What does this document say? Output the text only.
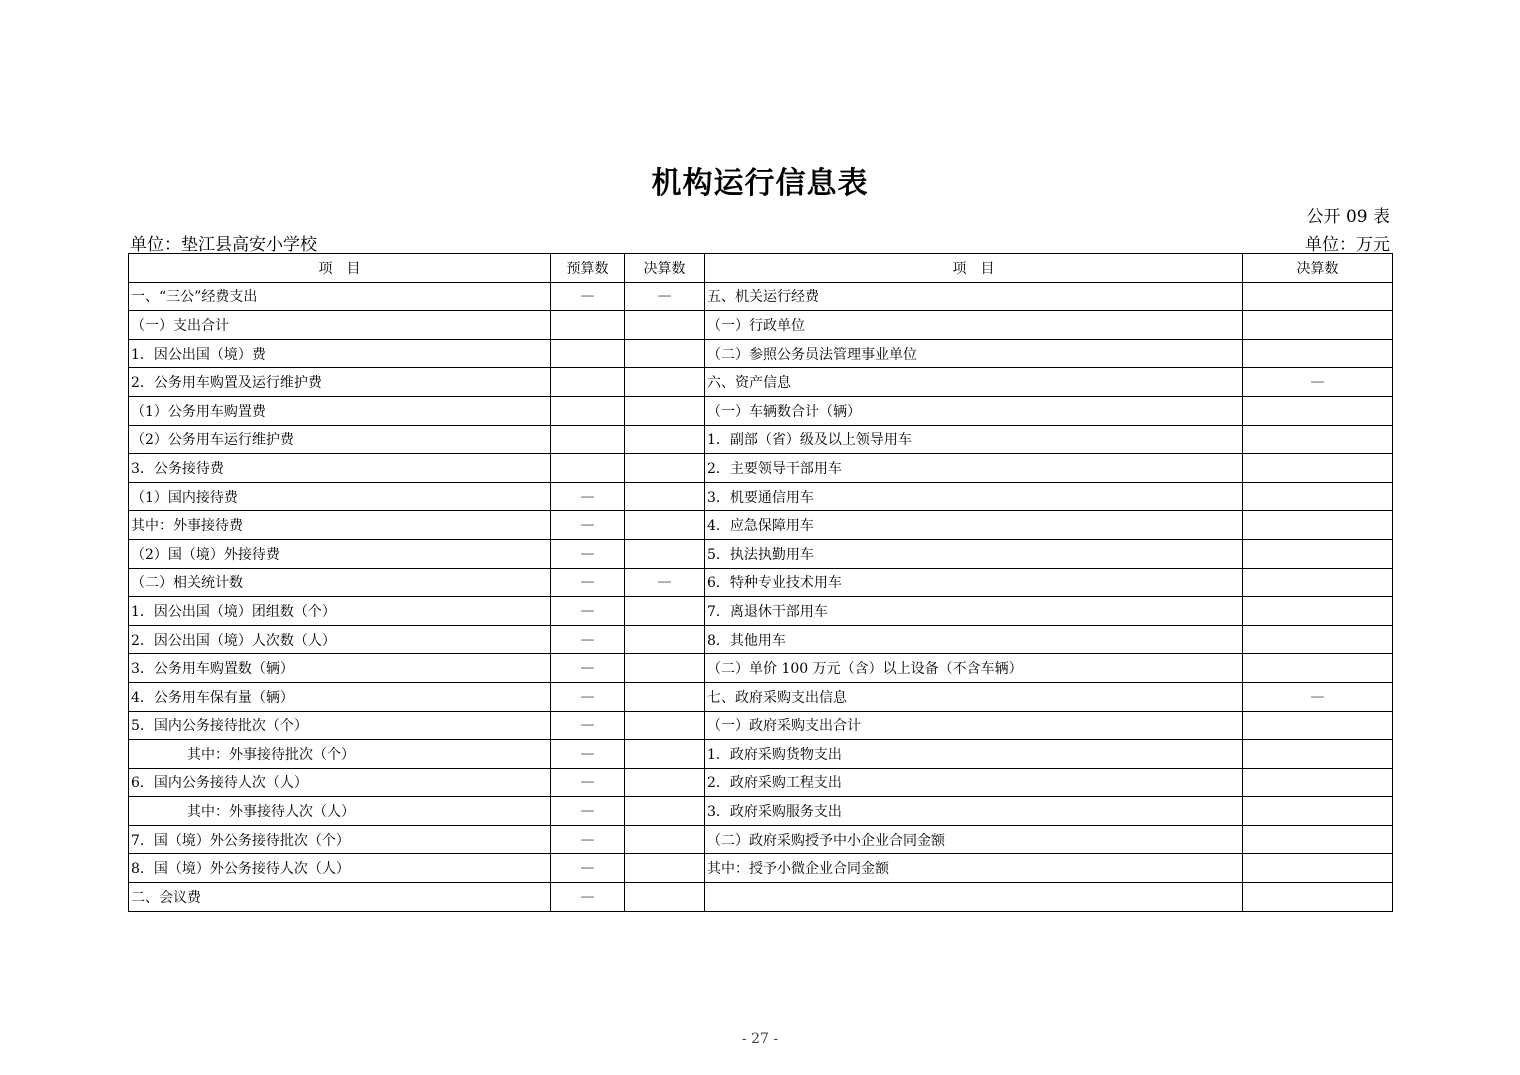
机构运行信息表
公开 09 表
单位：垫江县高安小学校	单位：万元
项　目	预算数	决算数	项　目	决算数
一、“三公”经费支出	—	—	五、机关运行经费	
（一）支出合计			（一）行政单位	
1．因公出国（境）费			（二）参照公务员法管理事业单位	
2．公务用车购置及运行维护费			六、资产信息	—
（1）公务用车购置费			（一）车辆数合计（辆）	
（2）公务用车运行维护费			1．副部（省）级及以上领导用车	
3．公务接待费			2．主要领导干部用车	
（1）国内接待费	—		3．机要通信用车	
其中：外事接待费	—		4．应急保障用车	
（2）国（境）外接待费	—		5．执法执勤用车	
（二）相关统计数	—	—	6．特种专业技术用车	
1．因公出国（境）团组数（个）	—		7．离退休干部用车	
2．因公出国（境）人次数（人）	—		8．其他用车	
3．公务用车购置数（辆）	—		（二）单价 100 万元（含）以上设备（不含车辆）	
4．公务用车保有量（辆）	—		七、政府采购支出信息	—
5．国内公务接待批次（个）	—		（一）政府采购支出合计	
其中：外事接待批次（个）	—		1．政府采购货物支出	
6．国内公务接待人次（人）	—		2．政府采购工程支出	
其中：外事接待人次（人）	—		3．政府采购服务支出	
7．国（境）外公务接待批次（个）	—		（二）政府采购授予中小企业合同金额	
8．国（境）外公务接待人次（人）	—		其中：授予小微企业合同金额	
二、会议费	—			
- 27 -
